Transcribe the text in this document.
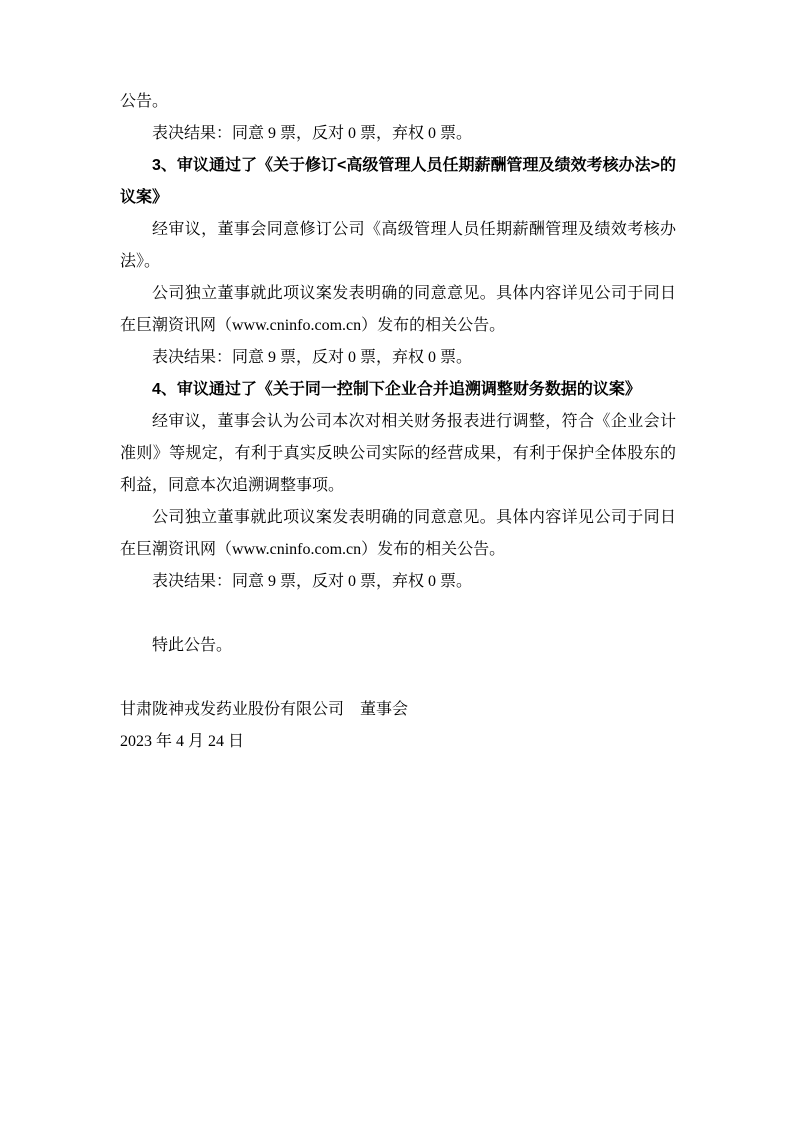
公告。

表决结果：同意 9 票，反对 0 票，弃权 0 票。

3、审议通过了《关于修订<高级管理人员任期薪酬管理及绩效考核办法>的议案》

经审议，董事会同意修订公司《高级管理人员任期薪酬管理及绩效考核办法》。

公司独立董事就此项议案发表明确的同意意见。具体内容详见公司于同日在巨潮资讯网（www.cninfo.com.cn）发布的相关公告。

表决结果：同意 9 票，反对 0 票，弃权 0 票。

4、审议通过了《关于同一控制下企业合并追溯调整财务数据的议案》

经审议，董事会认为公司本次对相关财务报表进行调整，符合《企业会计准则》等规定，有利于真实反映公司实际的经营成果，有利于保护全体股东的利益，同意本次追溯调整事项。

公司独立董事就此项议案发表明确的同意意见。具体内容详见公司于同日在巨潮资讯网（www.cninfo.com.cn）发布的相关公告。

表决结果：同意 9 票，反对 0 票，弃权 0 票。

特此公告。

甘肃陇神戎发药业股份有限公司　董事会

2023 年 4 月 24 日
